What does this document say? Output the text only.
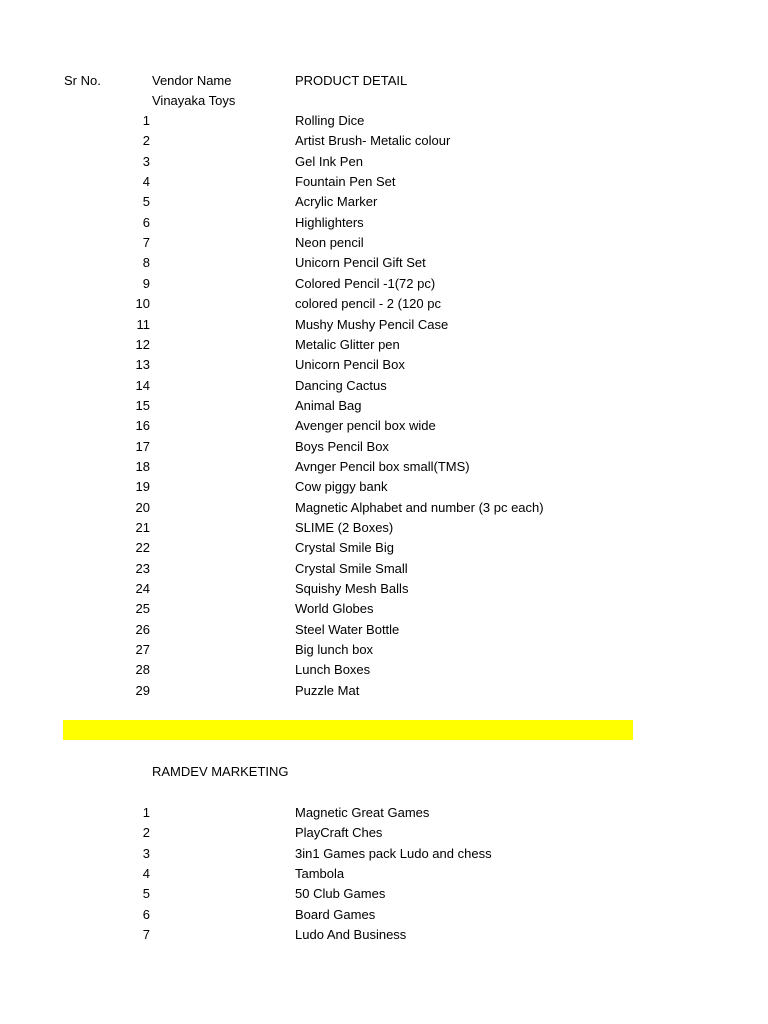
Sr No.	Vendor Name	PRODUCT DETAIL
Vinayaka Toys
1	Rolling Dice
2	Artist Brush- Metalic colour
3	Gel Ink Pen
4	Fountain Pen Set
5	Acrylic Marker
6	Highlighters
7	Neon pencil
8	Unicorn Pencil Gift Set
9	Colored Pencil -1(72 pc)
10	colored pencil - 2 (120 pc
11	Mushy Mushy Pencil Case
12	Metalic Glitter pen
13	Unicorn Pencil Box
14	Dancing Cactus
15	Animal Bag
16	Avenger pencil box wide
17	Boys Pencil Box
18	Avnger Pencil box small(TMS)
19	Cow piggy bank
20	Magnetic Alphabet and number (3 pc each)
21	SLIME (2 Boxes)
22	Crystal Smile Big
23	Crystal Smile Small
24	Squishy Mesh Balls
25	World Globes
26	Steel Water Bottle
27	Big lunch box
28	Lunch Boxes
29	Puzzle Mat
RAMDEV MARKETING
1	Magnetic Great Games
2	PlayCraft Ches
3	3in1 Games pack Ludo and chess
4	Tambola
5	50 Club Games
6	Board Games
7	Ludo And Business
